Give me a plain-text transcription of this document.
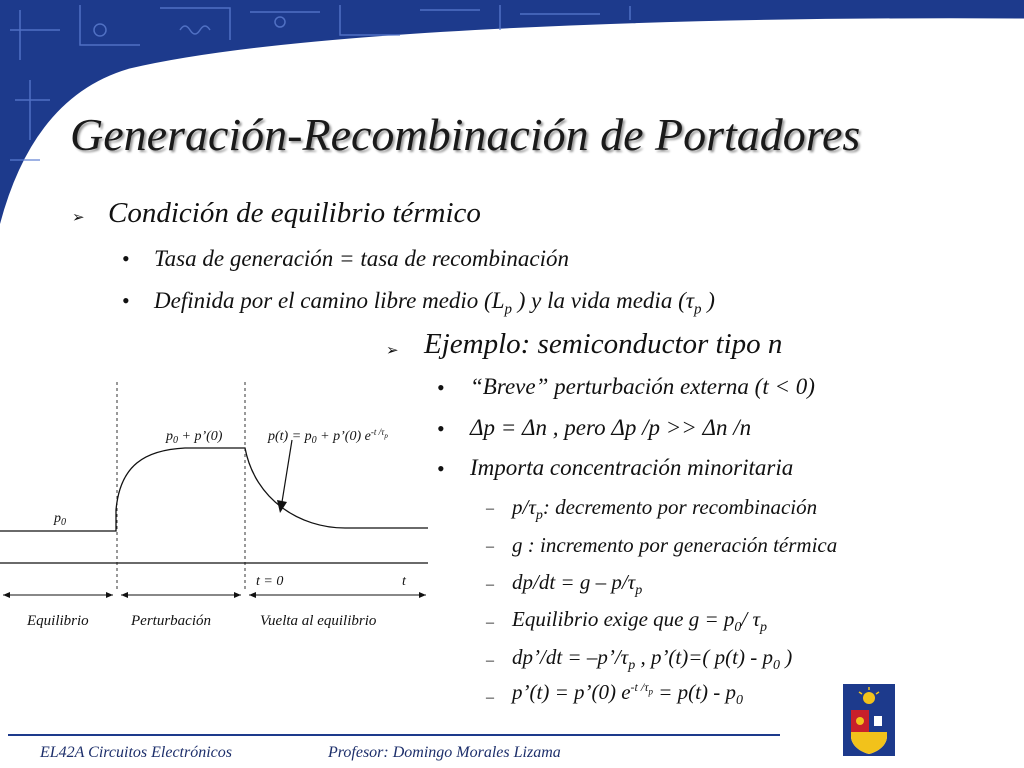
Generación-Recombinación de Portadores
➢ Condición de equilibrio térmico
• Tasa de generación = tasa de recombinación
• Definida por el camino libre medio ($L_p$ ) y la vida media ($\tau_p$ )
➢ Ejemplo: semiconductor tipo n
• “Breve” perturbación externa (t < 0)
• Δp = Δn , pero Δp /p >> Δn /n
• Importa concentración minoritaria
– $p/\tau_p$: decremento por recombinación
– g : incremento por generación térmica
– $dp/dt = g - p/\tau_p$
– Equilibrio exige que $g = p_0/$ $\tau_p$
– dp’/dt = $-p’/\tau_p$ , p’(t)=( $p(t) - p_0$ )
– p’(t) = p’(0) $e^{-t /\tau_p} = p(t) - p_0$
$p_0$
$p_0$ + p’(0)	$p(t) = p_0$ + p’(0) $e^{-t /\tau}_p$
t = 0	t
Equilibrio	Perturbación	Vuelta al equilibrio
EL42A Circuitos Electrónicos	Profesor: Domingo Morales Lizama
